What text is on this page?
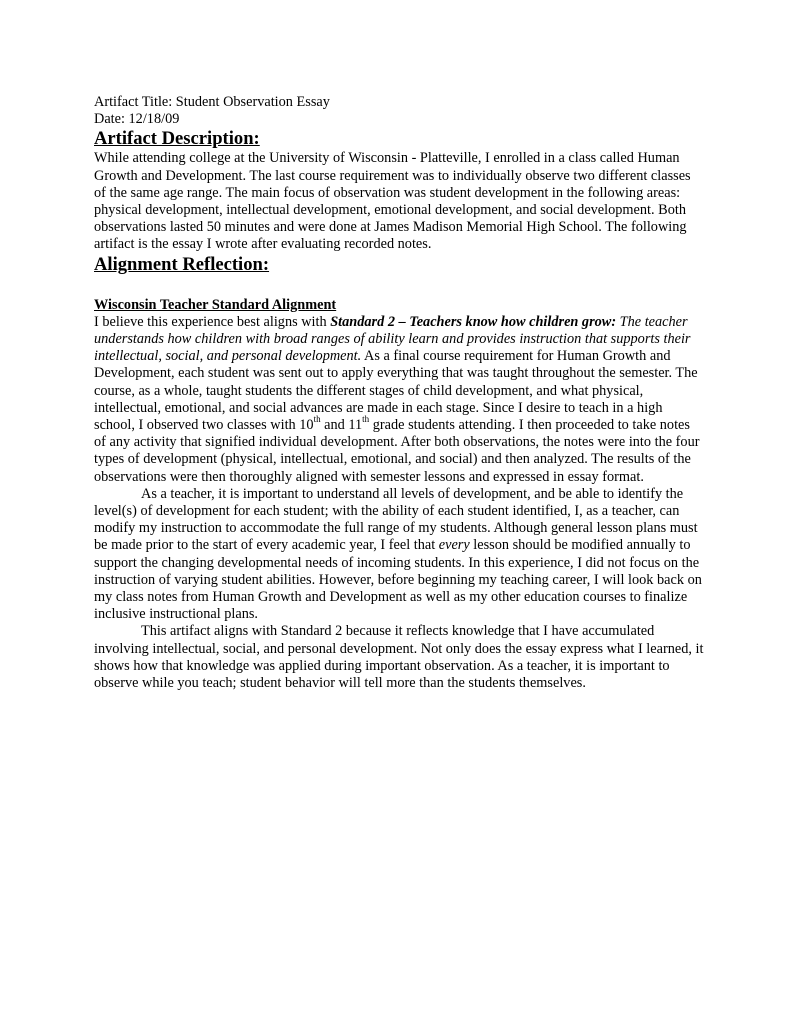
Artifact Title: Student Observation Essay

Date: 12/18/09

Artifact Description:

While attending college at the University of Wisconsin - Platteville, I enrolled in a class called Human Growth and Development. The last course requirement was to individually observe two different classes of the same age range. The main focus of observation was student development in the following areas: physical development, intellectual development, emotional development, and social development. Both observations lasted 50 minutes and were done at James Madison Memorial High School. The following artifact is the essay I wrote after evaluating recorded notes.

Alignment Reflection:
Wisconsin Teacher Standard Alignment

I believe this experience best aligns with Standard 2 – Teachers know how children grow: The teacher understands how children with broad ranges of ability learn and provides instruction that supports their intellectual, social, and personal development. As a final course requirement for Human Growth and Development, each student was sent out to apply everything that was taught throughout the semester. The course, as a whole, taught students the different stages of child development, and what physical, intellectual, emotional, and social advances are made in each stage. Since I desire to teach in a high school, I observed two classes with 10th and 11th grade students attending. I then proceeded to take notes of any activity that signified individual development. After both observations, the notes were into the four types of development (physical, intellectual, emotional, and social) and then analyzed. The results of the observations were then thoroughly aligned with semester lessons and expressed in essay format.

As a teacher, it is important to understand all levels of development, and be able to identify the level(s) of development for each student; with the ability of each student identified, I, as a teacher, can modify my instruction to accommodate the full range of my students. Although general lesson plans must be made prior to the start of every academic year, I feel that every lesson should be modified annually to support the changing developmental needs of incoming students. In this experience, I did not focus on the instruction of varying student abilities. However, before beginning my teaching career, I will look back on my class notes from Human Growth and Development as well as my other education courses to finalize inclusive instructional plans.

This artifact aligns with Standard 2 because it reflects knowledge that I have accumulated involving intellectual, social, and personal development. Not only does the essay express what I learned, it shows how that knowledge was applied during important observation. As a teacher, it is important to observe while you teach; student behavior will tell more than the students themselves.
